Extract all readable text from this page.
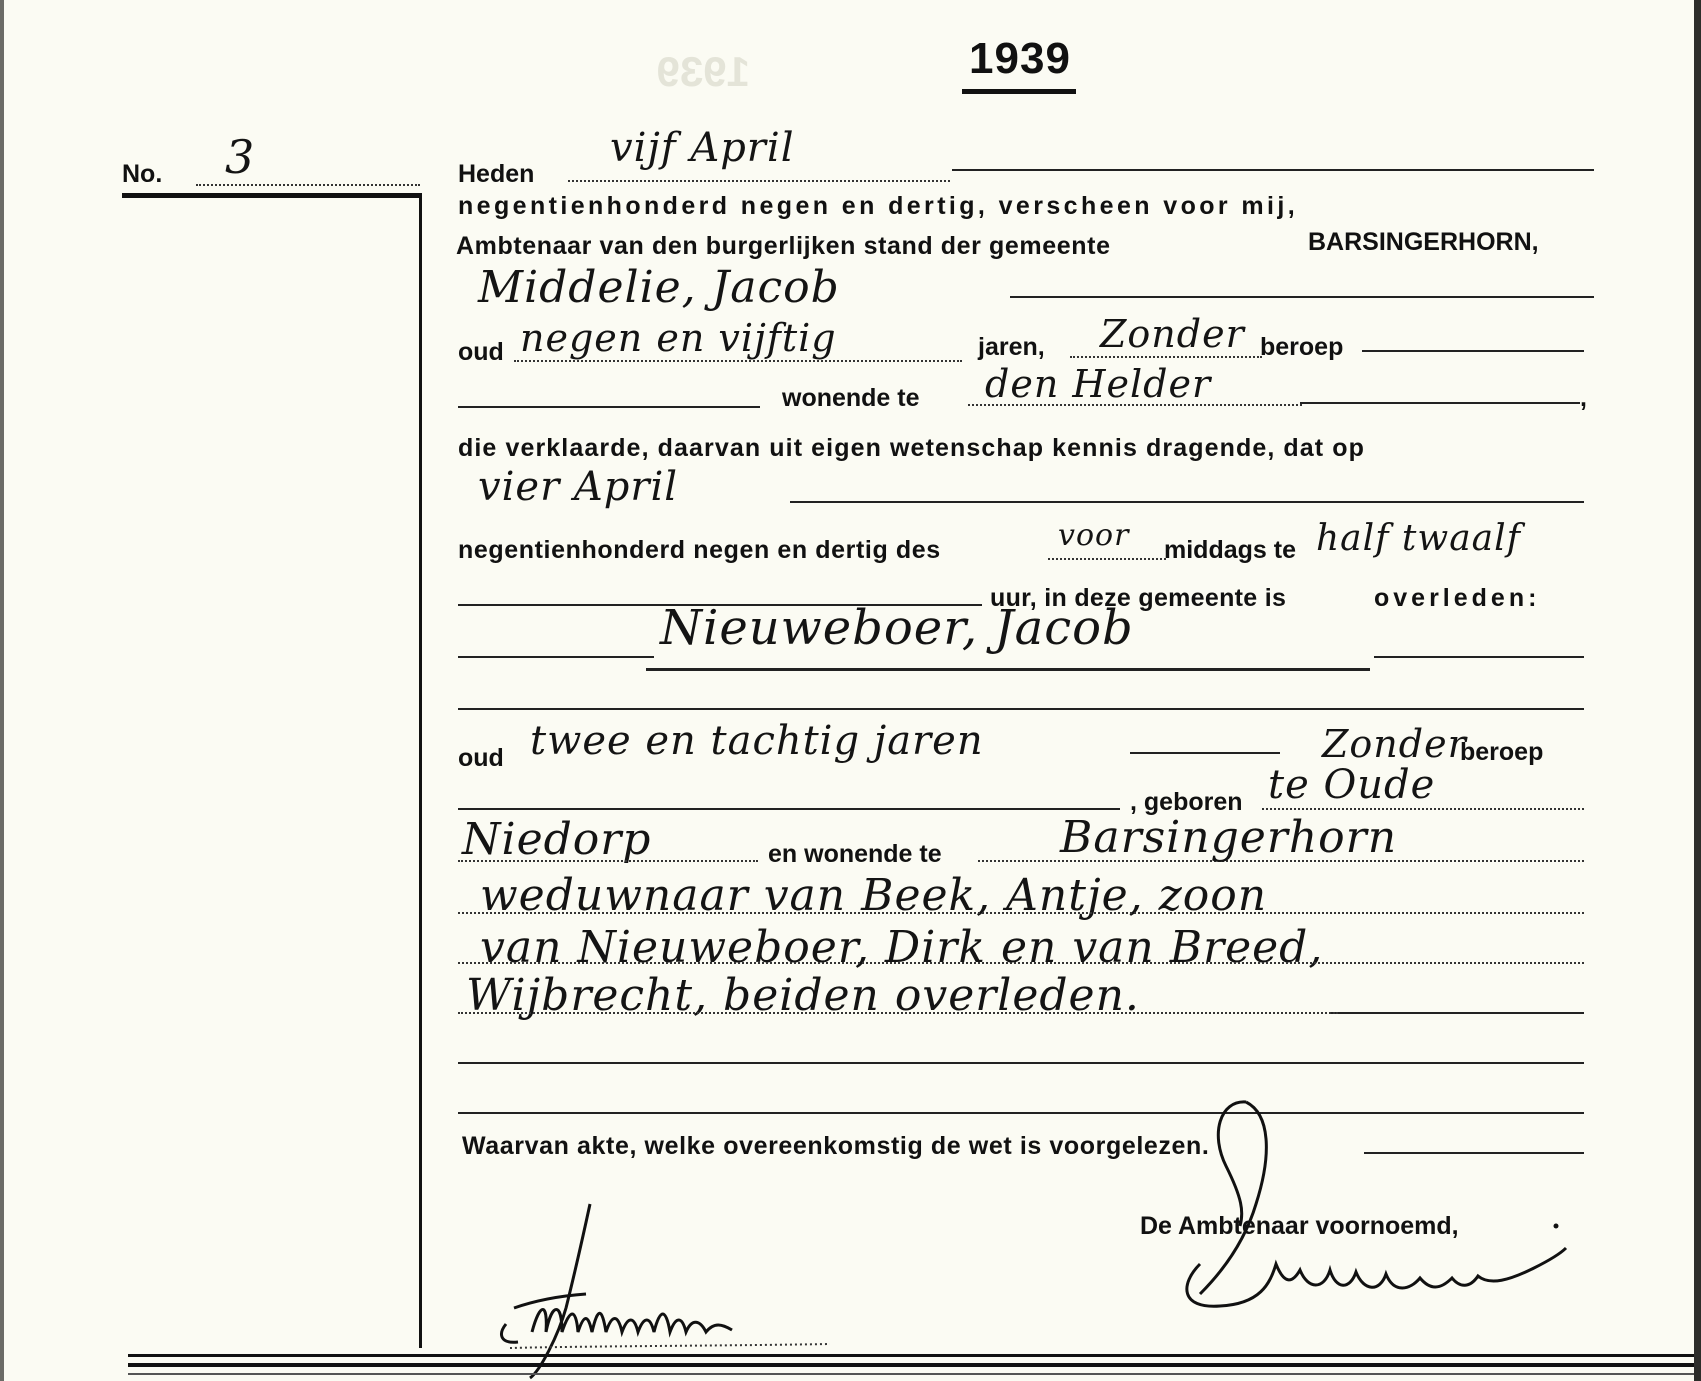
1939	1939
No. 3	Heden
vijf April
negentienhonderd negen en dertig, verscheen voor mij,
Ambtenaar van den burgerlijken stand der gemeente	BARSINGERHORN,
Middelie, Jacob
oud negen en vijftig	jaren, Zonder beroep
wonende te den Helder	,
die verklaarde, daarvan uit eigen wetenschap kennis dragende, dat op
vier April
negentienhonderd negen en dertig des	voor middags te half twaalf
uur, in deze gemeente is	overleden:
Nieuweboer, Jacob
oud twee en tachtig jaren	Zonder
beroep
, geboren te Oude
Niedorp	en wonende te	Barsingerhorn
weduwnaar van Beek, Antje, zoon
van Nieuweboer, Dirk en van Breed,
Wijbrecht, beiden overleden.
Waarvan akte, welke overeenkomstig de wet is voorgelezen.
De Ambtenaar voornoemd,
